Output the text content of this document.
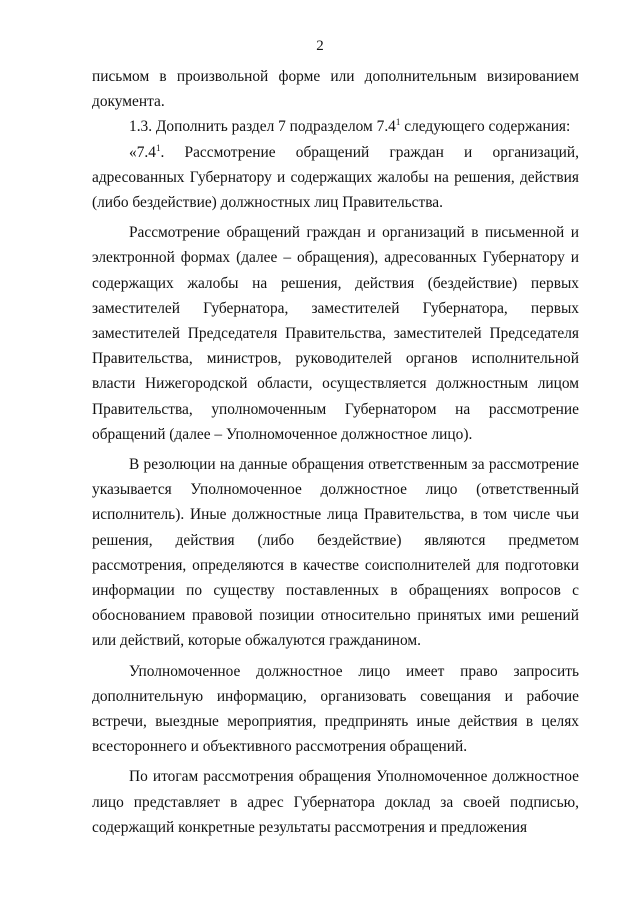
2

письмом в произвольной форме или дополнительным визированием документа.

1.3. Дополнить раздел 7 подразделом $7.4^1$ следующего содержания:

«$7.4^1$. Рассмотрение обращений граждан и организаций, адресованных Губернатору и содержащих жалобы на решения, действия (либо бездействие) должностных лиц Правительства.

Рассмотрение обращений граждан и организаций в письменной и электронной формах (далее – обращения), адресованных Губернатору и содержащих жалобы на решения, действия (бездействие) первых заместителей Губернатора, заместителей Губернатора, первых заместителей Председателя Правительства, заместителей Председателя Правительства, министров, руководителей органов исполнительной власти Нижегородской области, осуществляется должностным лицом Правительства, уполномоченным Губернатором на рассмотрение обращений (далее – Уполномоченное должностное лицо).

В резолюции на данные обращения ответственным за рассмотрение указывается Уполномоченное должностное лицо (ответственный исполнитель). Иные должностные лица Правительства, в том числе чьи решения, действия (либо бездействие) являются предметом рассмотрения, определяются в качестве соисполнителей для подготовки информации по существу поставленных в обращениях вопросов с обоснованием правовой позиции относительно принятых ими решений или действий, которые обжалуются гражданином.

Уполномоченное должностное лицо имеет право запросить дополнительную информацию, организовать совещания и рабочие встречи, выездные мероприятия, предпринять иные действия в целях всестороннего и объективного рассмотрения обращений.

По итогам рассмотрения обращения Уполномоченное должностное лицо представляет в адрес Губернатора доклад за своей подписью, содержащий конкретные результаты рассмотрения и предложения
